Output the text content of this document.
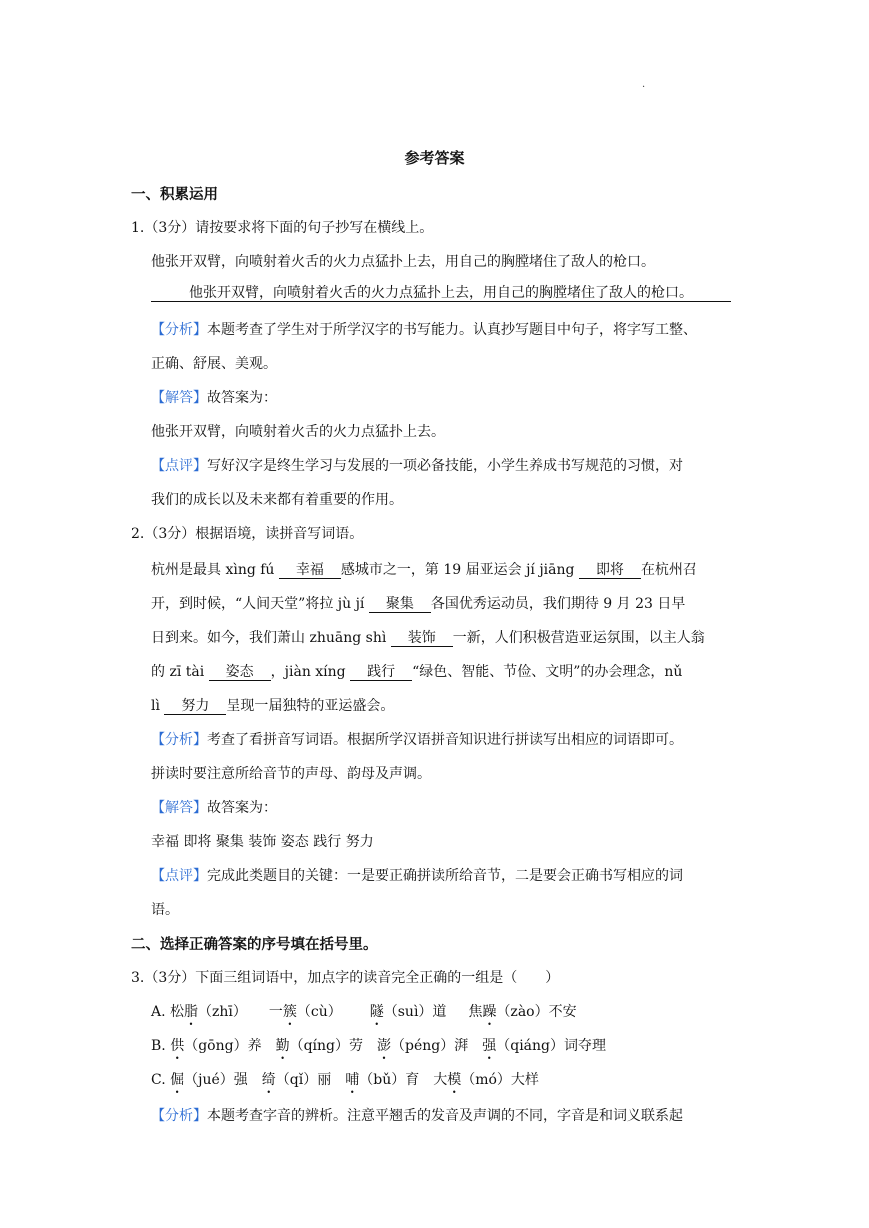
·
参考答案
一、积累运用
1.（3分）请按要求将下面的句子抄写在横线上。
他张开双臂，向喷射着火舌的火力点猛扑上去，用自己的胸膛堵住了敌人的枪口。
他张开双臂，向喷射着火舌的火力点猛扑上去，用自己的胸膛堵住了敌人的枪口。
【分析】本题考查了学生对于所学汉字的书写能力。认真抄写题目中句子，将字写工整、
正确、舒展、美观。
【解答】故答案为：
他张开双臂，向喷射着火舌的火力点猛扑上去。
【点评】写好汉字是终生学习与发展的一项必备技能，小学生养成书写规范的习惯，对
我们的成长以及未来都有着重要的作用。
2.（3分）根据语境，读拼音写词语。
杭州是最具 xìng fú 幸福 感城市之一，第 19 届亚运会 jí jiāng 即将 在杭州召
开，到时候，“人间天堂”将拉 jù jí 聚集 各国优秀运动员，我们期待 9 月 23 日早
日到来。如今，我们萧山 zhuāng shì 装饰 一新，人们积极营造亚运氛围，以主人翁
的 zī tài 姿态 ，jiàn xíng 践行 “绿色、智能、节俭、文明”的办会理念，nǔ
lì 努力 呈现一届独特的亚运盛会。
【分析】考查了看拼音写词语。根据所学汉语拼音知识进行拼读写出相应的词语即可。
拼读时要注意所给音节的声母、韵母及声调。
【解答】故答案为：
幸福 即将 聚集 装饰 姿态 践行 努力
【点评】完成此类题目的关键：一是要正确拼读所给音节，二是要会正确书写相应的词
语。
二、选择正确答案的序号填在括号里。
3.（3分）下面三组词语中，加点字的读音完全正确的一组是（　　）
A. 松脂（zhī） 一簇（cù） 隧（suì）道 焦躁（zào）不安
B. 供（gōng）养 勤（qíng）劳 澎（péng）湃 强（qiáng）词夺理
C. 倔（jué）强 绮（qǐ）丽 哺（bǔ）育 大模（mó）大样
【分析】本题考查字音的辨析。注意平翘舌的发音及声调的不同，字音是和词义联系起
